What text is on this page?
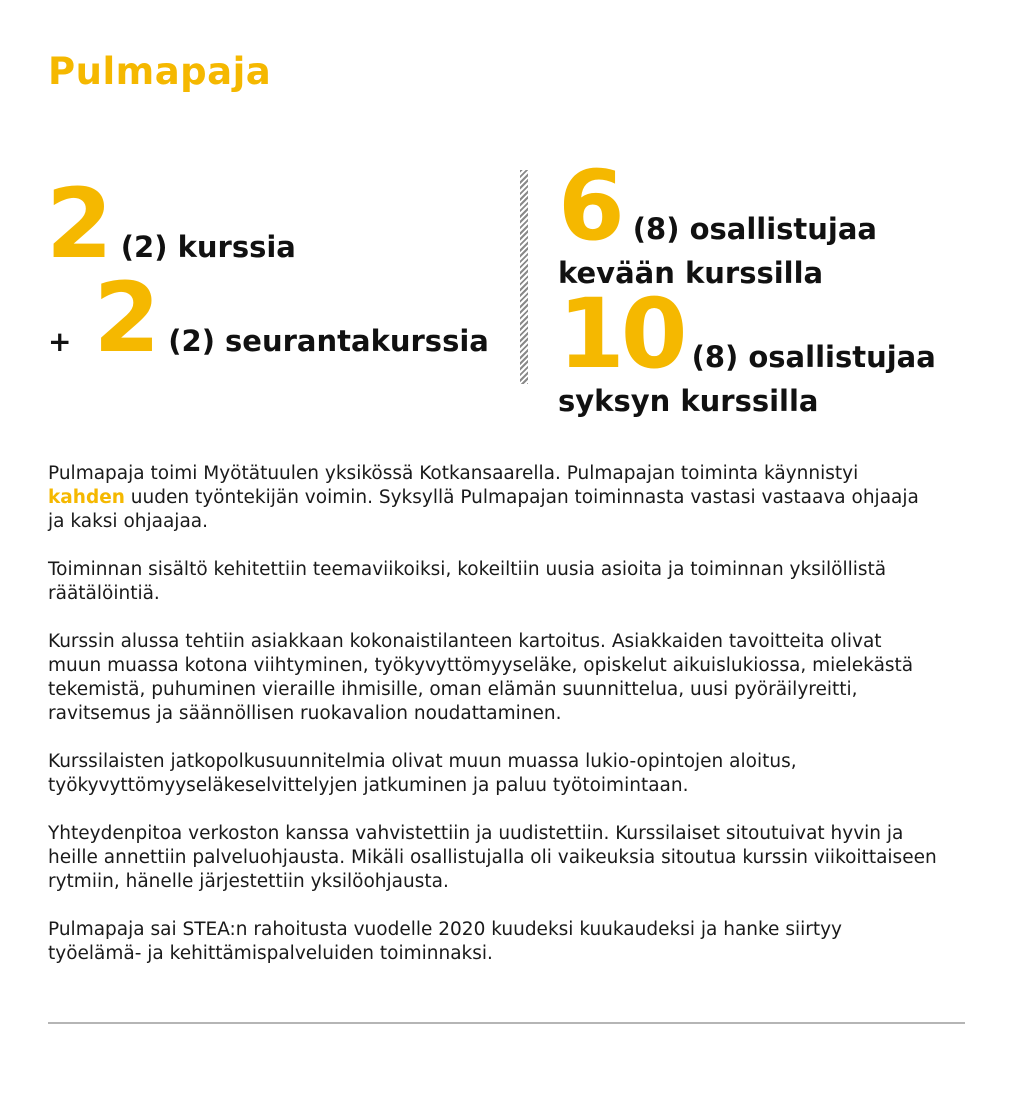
Pulmapaja
2 (2) kurssia
+ 2 (2) seurantakurssia
6 (8) osallistujaa
kevään kurssilla
10 (8) osallistujaa
syksyn kurssilla

Pulmapaja toimi Myötätuulen yksikössä Kotkansaarella. Pulmapajan toiminta käynnistyi kahden uuden työntekijän voimin. Syksyllä Pulmapajan toiminnasta vastasi vastaava ohjaaja ja kaksi ohjaajaa.

Toiminnan sisältö kehitettiin teemaviikoiksi, kokeiltiin uusia asioita ja toiminnan yksilöllistä räätälöintiä.

Kurssin alussa tehtiin asiakkaan kokonaistilanteen kartoitus. Asiakkaiden tavoitteita olivat muun muassa kotona viihtyminen, työkyvyttömyyseläke, opiskelut aikuislukiossa, mielekästä tekemistä, puhuminen vieraille ihmisille, oman elämän suunnittelua, uusi pyöräilyreitti, ravitsemus ja säännöllisen ruokavalion noudattaminen.

Kurssilaisten jatkopolkusuunnitelmia olivat muun muassa lukio-opintojen aloitus, työkyvyttömyyseläkeselvittelyjen jatkuminen ja paluu työtoimintaan.

Yhteydenpitoa verkoston kanssa vahvistettiin ja uudistettiin. Kurssilaiset sitoutuivat hyvin ja heille annettiin palveluohjausta. Mikäli osallistujalla oli vaikeuksia sitoutua kurssin viikoittaiseen rytmiin, hänelle järjestettiin yksilöohjausta.

Pulmapaja sai STEA:n rahoitusta vuodelle 2020 kuudeksi kuukaudeksi ja hanke siirtyy työelämä- ja kehittämispalveluiden toiminnaksi.
